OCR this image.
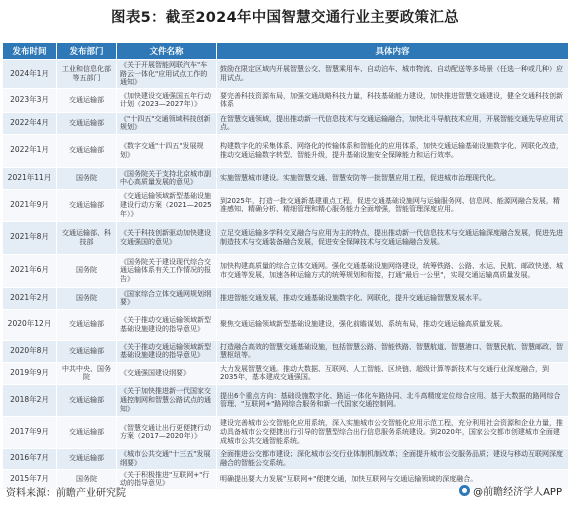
图表5：截至2024年中国智慧交通行业主要政策汇总
发布时间	发布部门	文件名称	具体内容
2024年1月	工业和信息化部等五部门	《关于开展智能网联汽车"车路云一体化"应用试点工作的通知》	鼓励在限定区域内开展智慧公交、智慧乘用车、自动泊车、城市物流、自动配送等多场景（任选一种或几种）应用试点。
2023年3月	交通运输部	《加快建设交通强国五年行动计划（2023—2027年）》	要完善科技资源布局，加强交通战略科技力量，科技基础能力建设，加快推进智慧交通建设，健全交通科技创新体系
2022年4月	交通运输部	《"十四五"交通领域科技创新规划》	在智慧交通领域，提出推动新一代信息技术与交通运输融合，加快北斗导航技术应用，开展智能交通先导应用试点。
2022年1月	交通运输部	《数字交通"十四五"发展规划》	构建数字化的采集体系、网络化的传输体系和智能化的应用体系，加快交通运输基础设施数字化、网联化改造，推动交通运输数字转型、智能升级，提升基础设施安全保障能力和运行效率。
2021年11月	国务院	《国务院关于支持北京城市副中心高质量发展的意见》	实施智慧城市建设。实施智慧交通、智慧安防等一批智慧应用工程，促进城市治理现代化。
2021年9月	交通运输部	《交通运输领域新型基础设施建设行动方案（2021—2025年）》	到2025年，打造一批交通新基建重点工程，促进交通基础设施网与运输服务网、信息网、能源网融合发展，精准感知、精确分析、精细管理和精心服务能力全面增强，智能管理深度应用。
2021年8月	交通运输部、科技部	《关于科技创新驱动加快建设交通强国的意见》	立足交通运输多学科交叉融合与应用为主的特点，提出推动新一代信息技术与交通运输深度融合发展，促进先进制造技术与交通装备融合发展，促进安全保障技术与交通运输融合发展。
2021年6月	国务院	《国务院关于建设现代综合交通运输体系有关工作情况的报告》	加快构建高质量的综合立体交通网。强化交通基础设施网络建设，统筹铁路、公路、水运、民航、邮政快递、城市交通等发展，加速各种运输方式的统筹规划和衔接，打通"最后一公里"，实现交通运输高质量发展。
2021年2月	国务院	《国家综合立体交通网规划纲要》	推进智能交通发展，推动交通基础设施数字化、网联化，提升交通运输智慧发展水平。
2020年12月	交通运输部	《关于推动交通运输领域新型基础设施建设的指导意见》	聚焦交通运输领域新型基础设施建设，强化前瞻谋划、系统布局，推动交通运输高质量发展。
2020年8月	交通运输部	《关于推动交通运输领域新型基础设施建设的指导意见》	打造融合高效的智慧交通基础设施，包括智慧公路、智能铁路、智慧航道、智慧港口、智慧民航、智慧邮政、智慧枢纽等。
2019年9月	中共中央、国务院	《交通强国建设纲要》	大力发展智慧交通。推动大数据、互联网、人工智能、区块链、超级计算等新技术与交通行业深度融合，到2035年，基本建成交通强国。
2018年2月	交通运输部	《关于加快推进新一代国家交通控制网和智慧公路试点的通知》	提出6个重点方向：基础设施数字化、路运一体化车路协同、北斗高精度定位综合应用、基于大数据的路网综合管理、"互联网+"路网综合服务和新一代国家交通控制网。
2017年9月	交通运输部	《智慧交通让出行更便捷行动方案（2017—2020年）》	建设完善城市公交智能化应用系统，深入实施城市公交智能化应用示范工程，充分利用社会资源和企业力量，推动具备城市公交便捷出行引导的智慧型综合出行信息服务系统建设。到2020年，国家公交都市创建城市全面建成城市公共交通智能系统。
2016年7月	交通运输部	《城市公共交通"十三五"发展纲要》	全面推进公交都市建设；深化城市公交行业体制机制改革；全面提升城市公交服务品质；建设与移动互联网深度融合的智能公交系统。
2015年7月	国务院	《关于积极推进"互联网+"行动的指导意见》	明确提出要大力发展"互联网+"便捷交通，加快互联网与交通运输领域的深度融合。
资料来源：前瞻产业研究院	@前瞻经济学人APP
